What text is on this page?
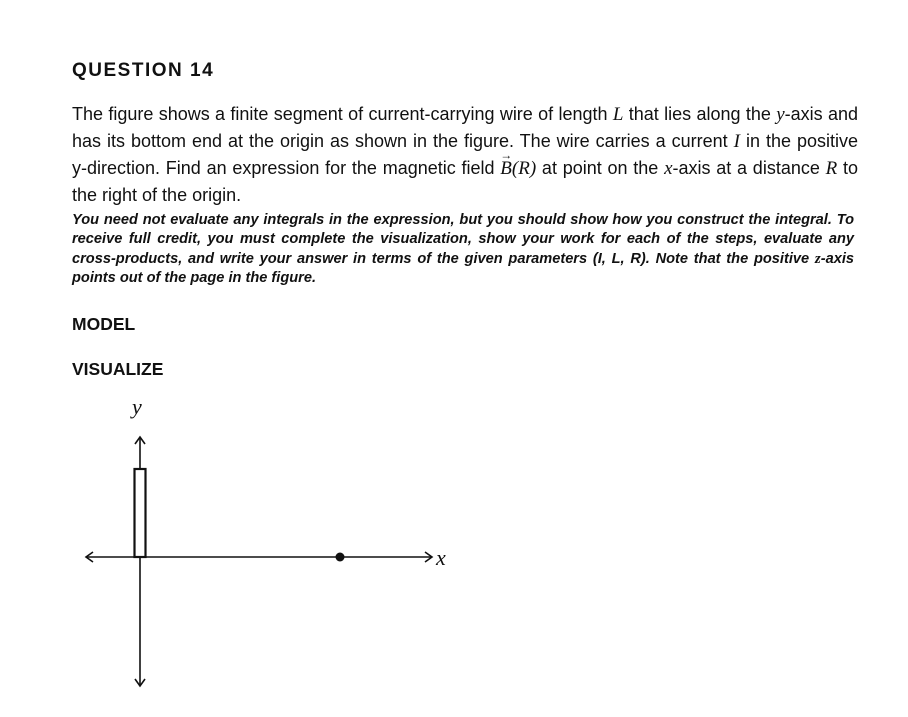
QUESTION 14

The figure shows a finite segment of current-carrying wire of length L that lies along the y-axis and has its bottom end at the origin as shown in the figure. The wire carries a current I in the positive y-direction. Find an expression for the magnetic field → B(R) at point on the x-axis at a distance R to the right of the origin.

You need not evaluate any integrals in the expression, but you should show how you construct the integral. To receive full credit, you must complete the visualization, show your work for each of the steps, evaluate any cross-products, and write your answer in terms of the given parameters (I, L, R). Note that the positive z-axis points out of the page in the figure.

MODEL
VISUALIZE
y
x
